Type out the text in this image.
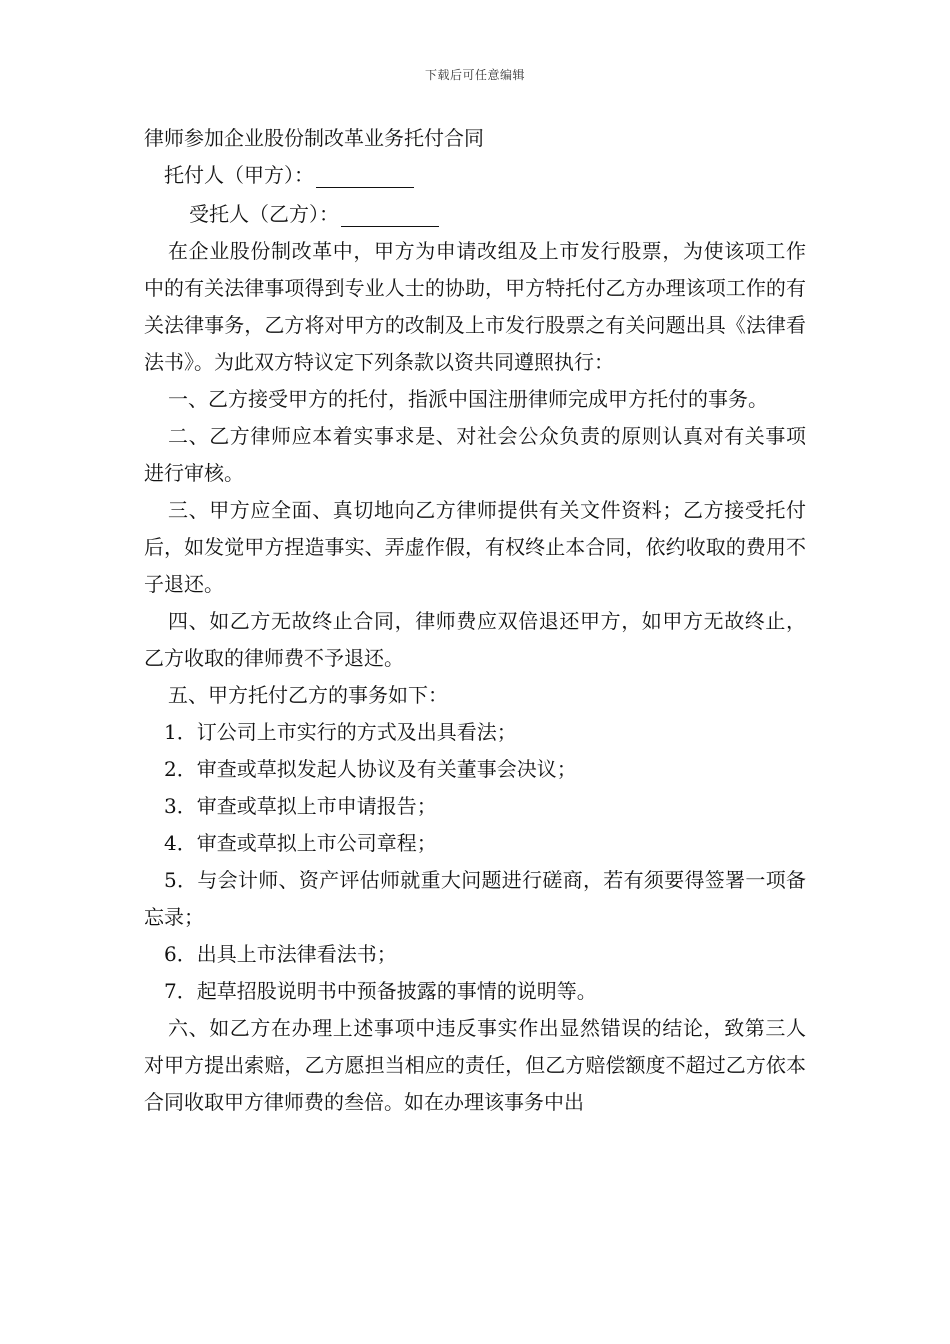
下载后可任意编辑

律师参加企业股份制改革业务托付合同

托付人（甲方）：

受托人（乙方）：

在企业股份制改革中，甲方为申请改组及上市发行股票，为使该项工作中的有关法律事项得到专业人士的协助，甲方特托付乙方办理该项工作的有关法律事务，乙方将对甲方的改制及上市发行股票之有关问题出具《法律看法书》。为此双方特议定下列条款以资共同遵照执行：

一、乙方接受甲方的托付，指派中国注册律师完成甲方托付的事务。

二、乙方律师应本着实事求是、对社会公众负责的原则认真对有关事项进行审核。

三、甲方应全面、真切地向乙方律师提供有关文件资料；乙方接受托付后，如发觉甲方捏造事实、弄虚作假，有权终止本合同，依约收取的费用不子退还。

四、如乙方无故终止合同，律师费应双倍退还甲方，如甲方无故终止，乙方收取的律师费不予退还。

五、甲方托付乙方的事务如下：

1．订公司上市实行的方式及出具看法；

2．审查或草拟发起人协议及有关董事会决议；

3．审查或草拟上市申请报告；

4．审查或草拟上市公司章程；

5．与会计师、资产评估师就重大问题进行磋商，若有须要得签署一项备忘录；

6．出具上市法律看法书；

7．起草招股说明书中预备披露的事情的说明等。

六、如乙方在办理上述事项中违反事实作出显然错误的结论，致第三人对甲方提出索赔，乙方愿担当相应的责任，但乙方赔偿额度不超过乙方依本合同收取甲方律师费的叁倍。如在办理该事务中出
